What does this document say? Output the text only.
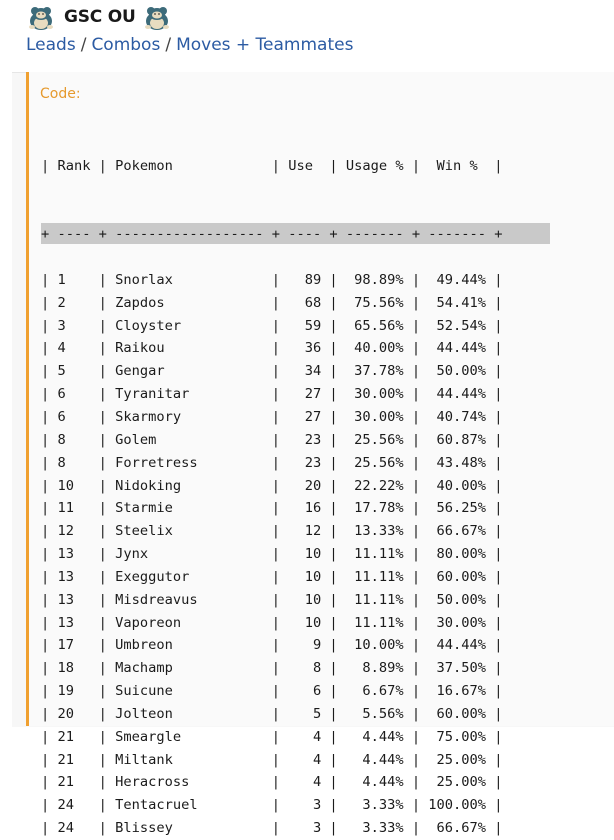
GSC OU
Leads / Combos / Moves + Teammates
Code:

| Rank | Pokemon            | Use  | Usage % |  Win %  |

+ ---- + ------------------ + ---- + ------- + ------- +

| 1    | Snorlax            |   89 |  98.89% |  49.44% |
| 2    | Zapdos             |   68 |  75.56% |  54.41% |
| 3    | Cloyster           |   59 |  65.56% |  52.54% |
| 4    | Raikou             |   36 |  40.00% |  44.44% |
| 5    | Gengar             |   34 |  37.78% |  50.00% |
| 6    | Tyranitar          |   27 |  30.00% |  44.44% |
| 6    | Skarmory           |   27 |  30.00% |  40.74% |
| 8    | Golem              |   23 |  25.56% |  60.87% |
| 8    | Forretress         |   23 |  25.56% |  43.48% |
| 10   | Nidoking           |   20 |  22.22% |  40.00% |
| 11   | Starmie            |   16 |  17.78% |  56.25% |
| 12   | Steelix            |   12 |  13.33% |  66.67% |
| 13   | Jynx               |   10 |  11.11% |  80.00% |
| 13   | Exeggutor          |   10 |  11.11% |  60.00% |
| 13   | Misdreavus         |   10 |  11.11% |  50.00% |
| 13   | Vaporeon           |   10 |  11.11% |  30.00% |
| 17   | Umbreon            |    9 |  10.00% |  44.44% |
| 18   | Machamp            |    8 |   8.89% |  37.50% |
| 19   | Suicune            |    6 |   6.67% |  16.67% |
| 20   | Jolteon            |    5 |   5.56% |  60.00% |
| 21   | Smeargle           |    4 |   4.44% |  75.00% |
| 21   | Miltank            |    4 |   4.44% |  25.00% |
| 21   | Heracross          |    4 |   4.44% |  25.00% |
| 24   | Tentacruel         |    3 |   3.33% | 100.00% |
| 24   | Blissey            |    3 |   3.33% |  66.67% |
